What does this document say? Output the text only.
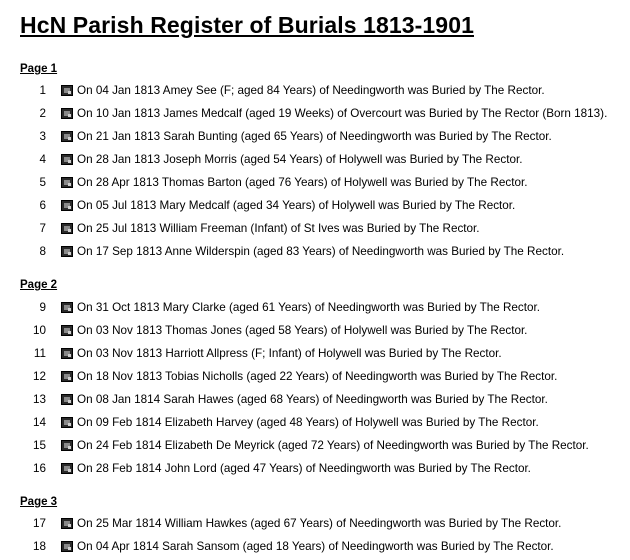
HcN Parish Register of Burials 1813-1901
Page 1
1	On 04 Jan 1813 Amey See (F; aged 84 Years) of Needingworth was Buried by The Rector.
2	On 10 Jan 1813 James Medcalf (aged 19 Weeks) of Overcourt was Buried by The Rector (Born 1813).
3	On 21 Jan 1813 Sarah Bunting (aged 65 Years) of Needingworth was Buried by The Rector.
4	On 28 Jan 1813 Joseph Morris (aged 54 Years) of Holywell was Buried by The Rector.
5	On 28 Apr 1813 Thomas Barton (aged 76 Years) of Holywell was Buried by The Rector.
6	On 05 Jul 1813 Mary Medcalf (aged 34 Years) of Holywell was Buried by The Rector.
7	On 25 Jul 1813 William Freeman (Infant) of St Ives was Buried by The Rector.
8	On 17 Sep 1813 Anne Wilderspin (aged 83 Years) of Needingworth was Buried by The Rector.
Page 2
9	On 31 Oct 1813 Mary Clarke (aged 61 Years) of Needingworth was Buried by The Rector.
10	On 03 Nov 1813 Thomas Jones (aged 58 Years) of Holywell was Buried by The Rector.
11	On 03 Nov 1813 Harriott Allpress (F; Infant) of Holywell was Buried by The Rector.
12	On 18 Nov 1813 Tobias Nicholls (aged 22 Years) of Needingworth was Buried by The Rector.
13	On 08 Jan 1814 Sarah Hawes (aged 68 Years) of Needingworth was Buried by The Rector.
14	On 09 Feb 1814 Elizabeth Harvey (aged 48 Years) of Holywell was Buried by The Rector.
15	On 24 Feb 1814 Elizabeth De Meyrick (aged 72 Years) of Needingworth was Buried by The Rector.
16	On 28 Feb 1814 John Lord (aged 47 Years) of Needingworth was Buried by The Rector.
Page 3
17	On 25 Mar 1814 William Hawkes (aged 67 Years) of Needingworth was Buried by The Rector.
18	On 04 Apr 1814 Sarah Sansom (aged 18 Years) of Needingworth was Buried by The Rector.
